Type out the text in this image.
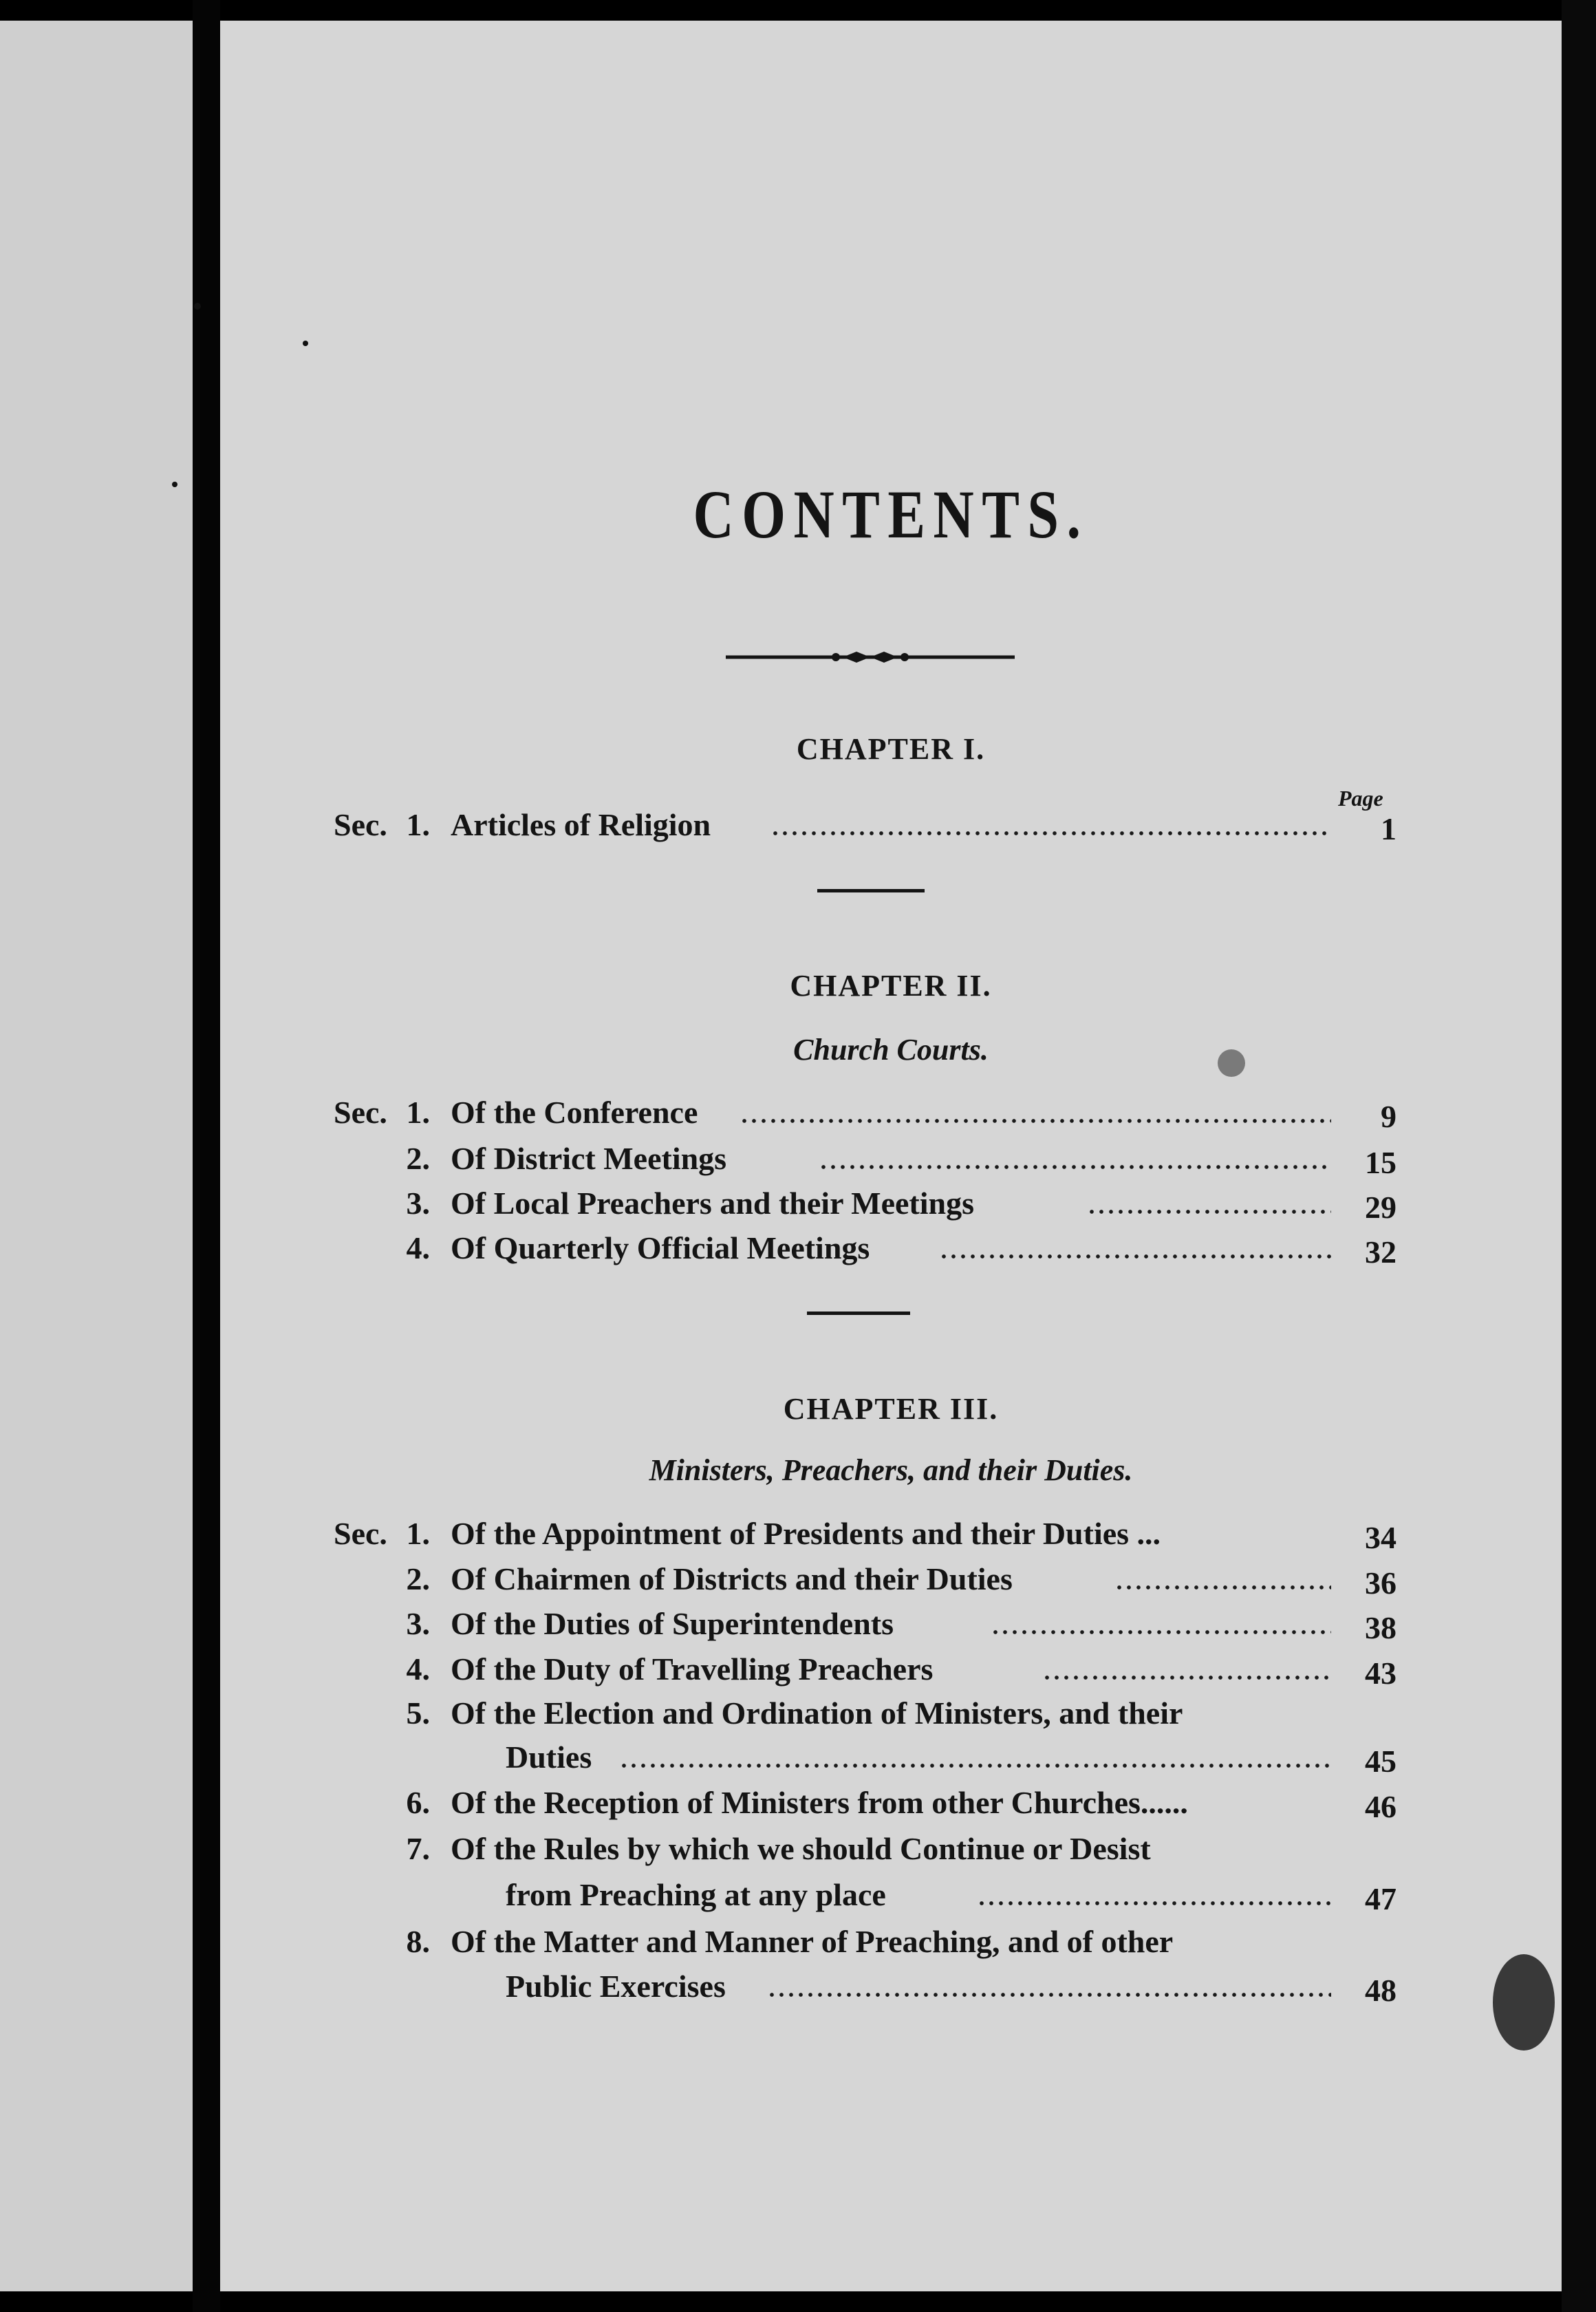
CONTENTS.
CHAPTER I.
Page
Sec. 1. Articles of Religion	1
CHAPTER II.
Church Courts.
Sec. 1. Of the Conference	9
2. Of District Meetings	15
3. Of Local Preachers and their Meetings	29
4. Of Quarterly Official Meetings	32
CHAPTER III.
Ministers, Preachers, and their Duties.
Sec. 1. Of the Appointment of Presidents and their Duties ...	34
2. Of Chairmen of Districts and their Duties	36
3. Of the Duties of Superintendents	38
4. Of the Duty of Travelling Preachers	43
5. Of the Election and Ordination of Ministers, and their
Duties	45
6. Of the Reception of Ministers from other Churches......	46
7. Of the Rules by which we should Continue or Desist
from Preaching at any place	47
8. Of the Matter and Manner of Preaching, and of other
Public Exercises	48
